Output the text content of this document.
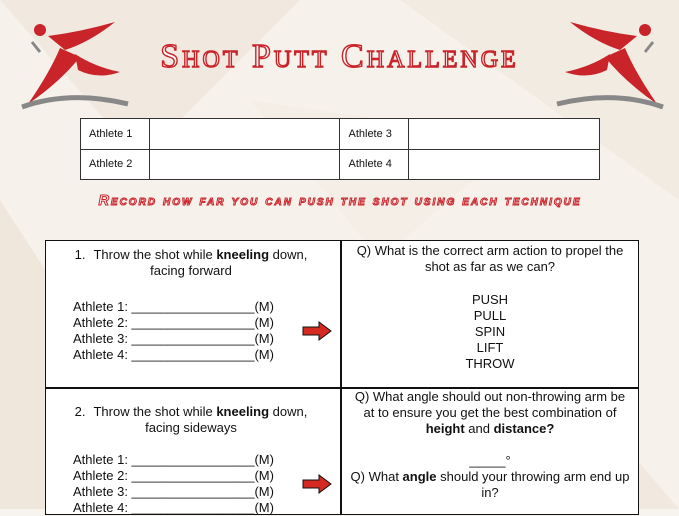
Shot Putt Challenge
Athlete 1		Athlete 3	
Athlete 2		Athlete 4	
Record how far you can push the shot using each technique
1. Throw the shot while kneeling down, facing forward
Athlete 1: _________________(M)
Athlete 2: _________________(M)
Athlete 3: _________________(M)
Athlete 4: _________________(M)
Q) What is the correct arm action to propel the shot as far as we can?
PUSH
PULL
SPIN
LIFT
THROW
2. Throw the shot while kneeling down, facing sideways
Athlete 1: _________________(M)
Athlete 2: _________________(M)
Athlete 3: _________________(M)
Athlete 4: _________________(M)
Q) What angle should out non-throwing arm be at to ensure you get the best combination of height and distance?
_____°
Q) What angle should your throwing arm end up in?
